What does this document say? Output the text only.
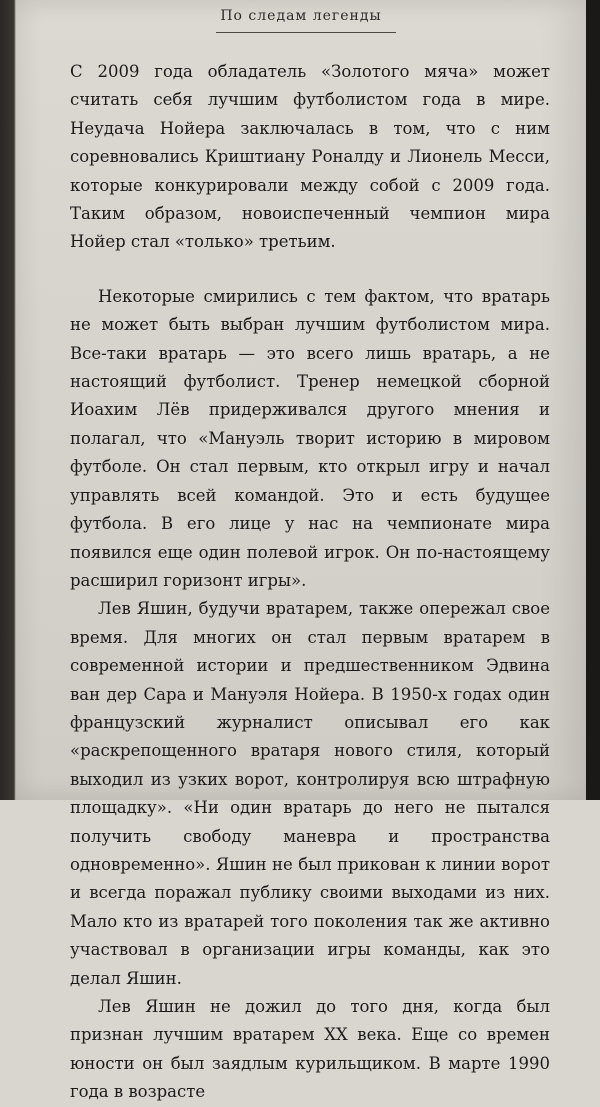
По следам легенды

С 2009 года обладатель «Золотого мяча» может считать себя лучшим футболистом года в мире. Неудача Нойера заключалась в том, что с ним соревновались Криштиану Роналду и Лионель Месси, которые конкурировали между собой с 2009 года. Таким образом, новоиспеченный чемпион мира Нойер стал «только» третьим.

Некоторые смирились с тем фактом, что вратарь не может быть выбран лучшим футболистом мира. Все-таки вратарь — это всего лишь вратарь, а не настоящий футболист. Тренер немецкой сборной Иоахим Лёв придерживался другого мнения и полагал, что «Мануэль творит историю в мировом футболе. Он стал первым, кто открыл игру и начал управлять всей командой. Это и есть будущее футбола. В его лице у нас на чемпионате мира появился еще один полевой игрок. Он по-настоящему расширил горизонт игры».

Лев Яшин, будучи вратарем, также опережал свое время. Для многих он стал первым вратарем в современной истории и предшественником Эдвина ван дер Сара и Мануэля Нойера. В 1950-х годах один французский журналист описывал его как «раскрепощенного вратаря нового стиля, который выходил из узких ворот, контролируя всю штрафную площадку». «Ни один вратарь до него не пытался получить свободу маневра и пространства одновременно». Яшин не был прикован к линии ворот и всегда поражал публику своими выходами из них. Мало кто из вратарей того поколения так же активно участвовал в организации игры команды, как это делал Яшин.

Лев Яшин не дожил до того дня, когда был признан лучшим вратарем XX века. Еще со времен юности он был заядлым курильщиком. В марте 1990 года в возрасте
